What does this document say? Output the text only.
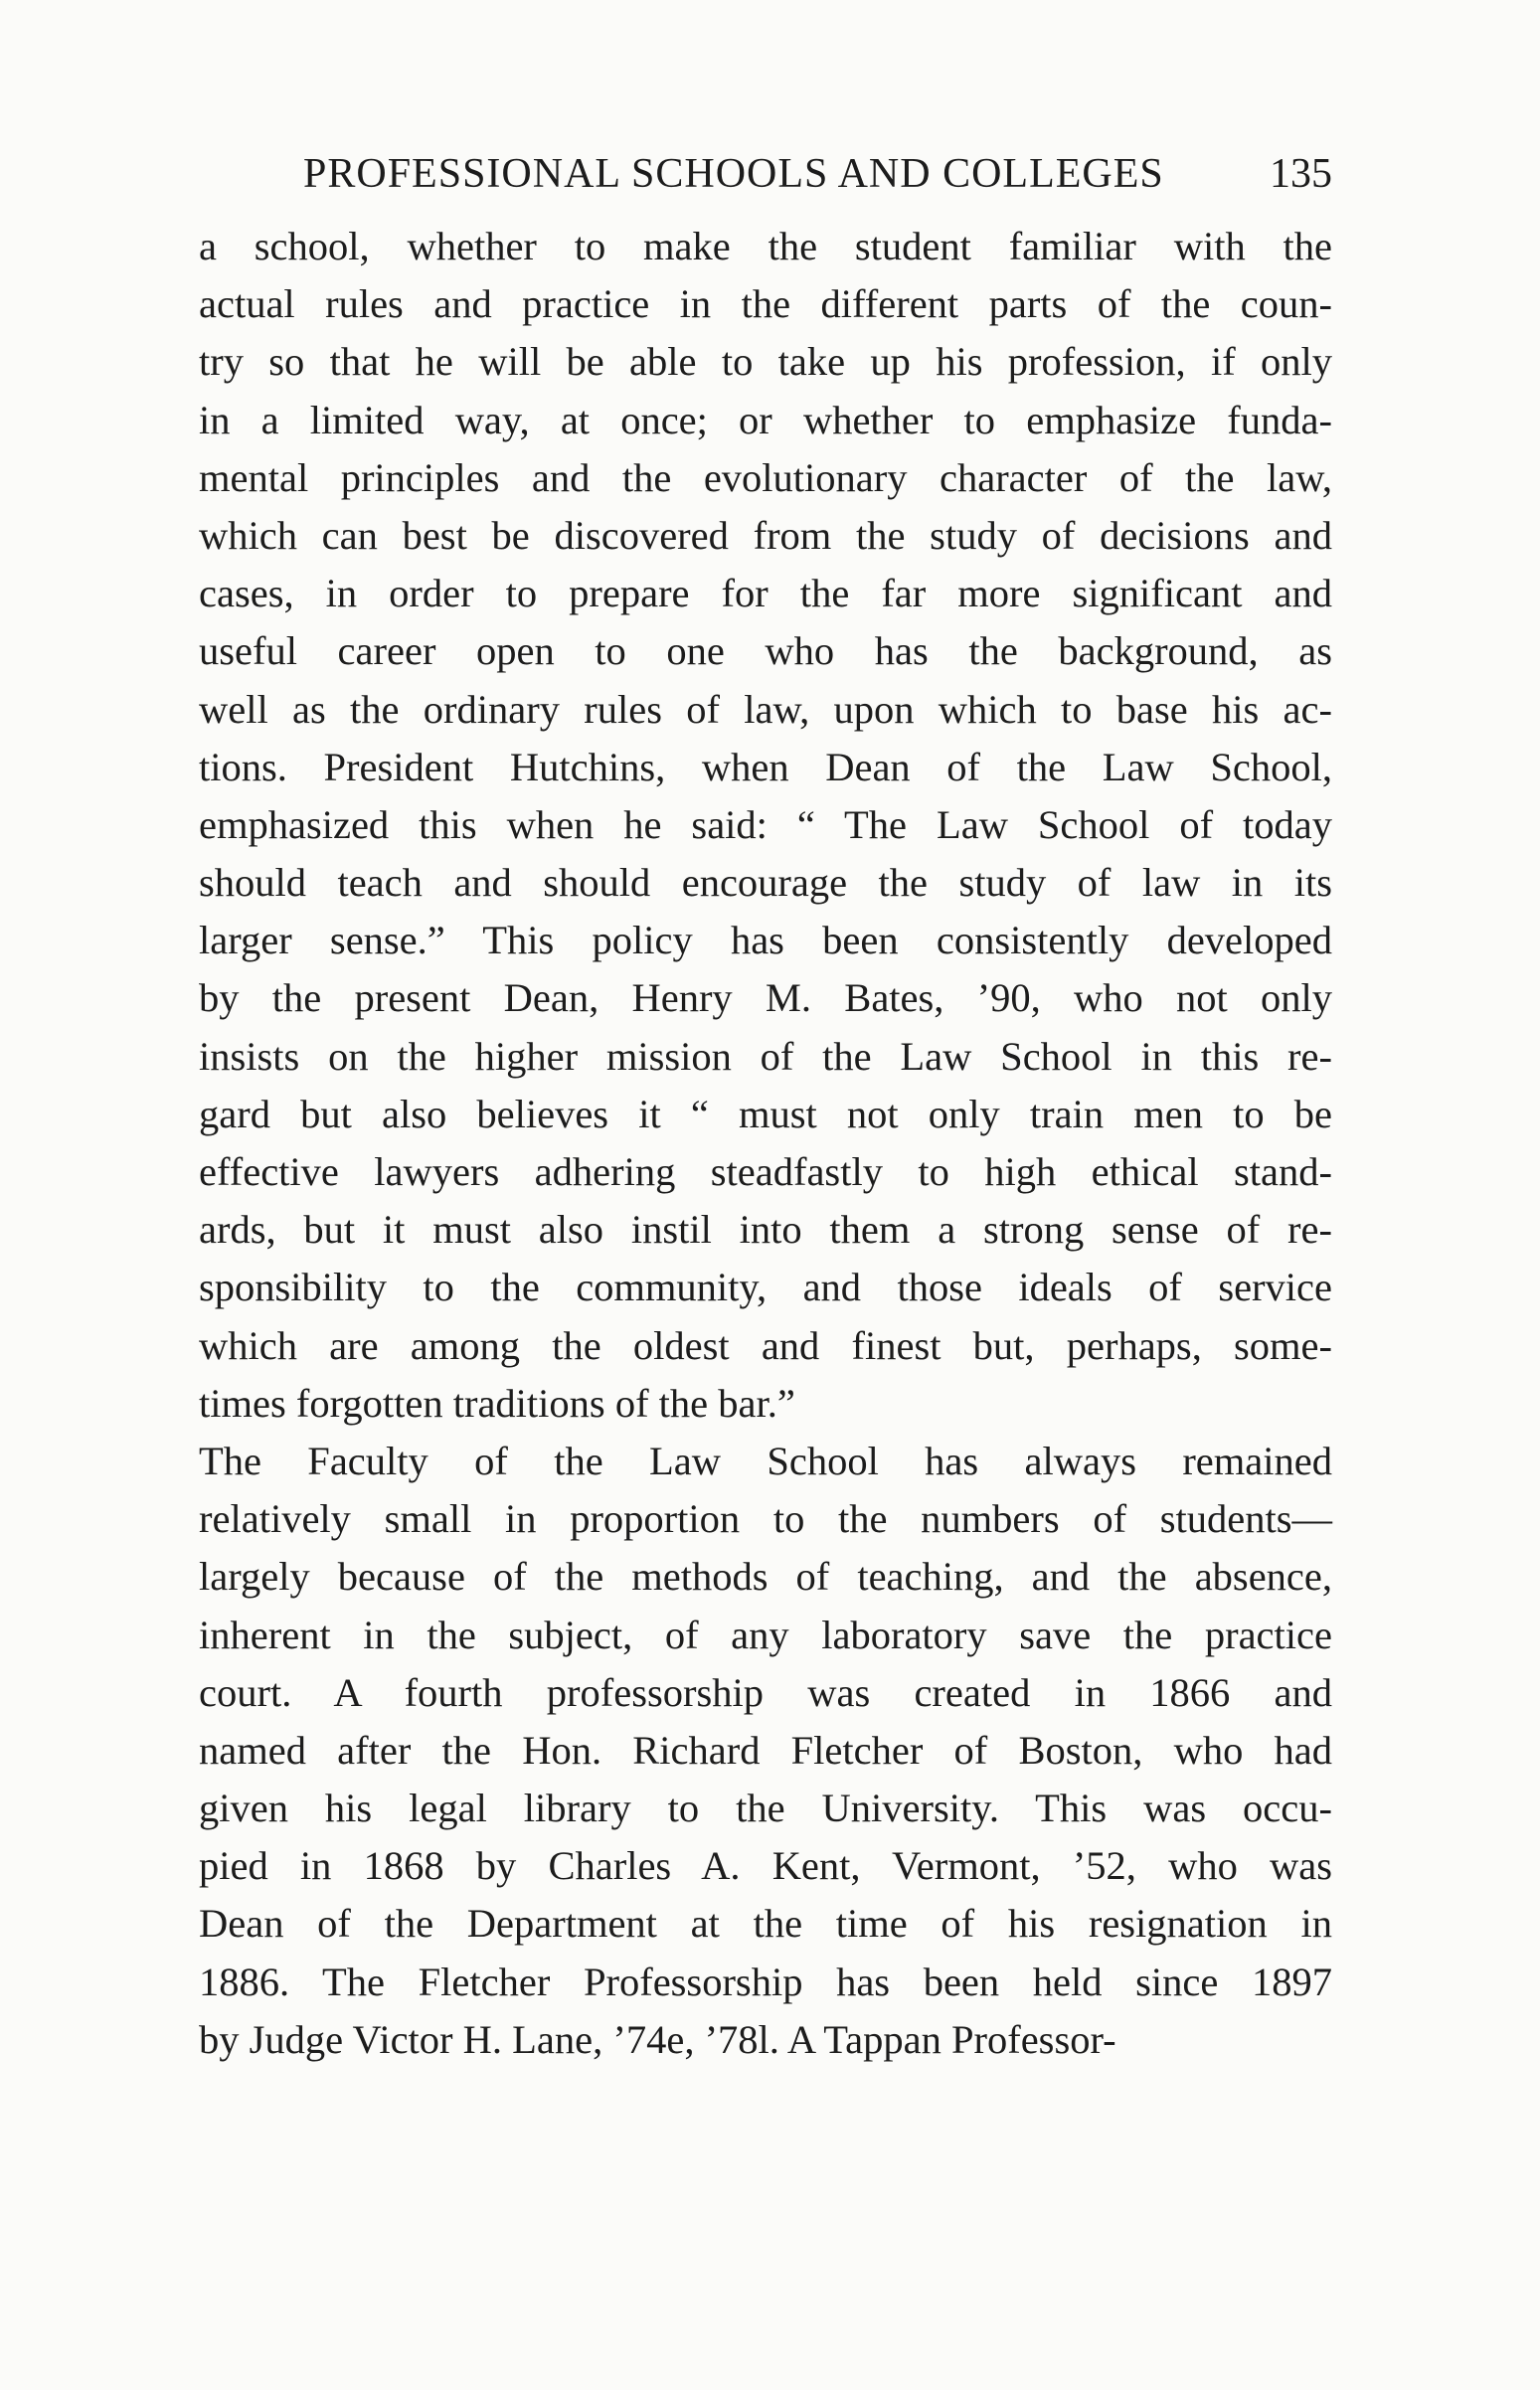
PROFESSIONAL SCHOOLS AND COLLEGES	135
a school, whether to make the student familiar with the
actual rules and practice in the different parts of the coun-
try so that he will be able to take up his profession, if only
in a limited way, at once; or whether to emphasize funda-
mental principles and the evolutionary character of the law,
which can best be discovered from the study of decisions and
cases, in order to prepare for the far more significant and
useful career open to one who has the background, as
well as the ordinary rules of law, upon which to base his ac-
tions. President Hutchins, when Dean of the Law School,
emphasized this when he said: “ The Law School of today
should teach and should encourage the study of law in its
larger sense.” This policy has been consistently developed
by the present Dean, Henry M. Bates, ’90, who not only
insists on the higher mission of the Law School in this re-
gard but also believes it “ must not only train men to be
effective lawyers adhering steadfastly to high ethical stand-
ards, but it must also instil into them a strong sense of re-
sponsibility to the community, and those ideals of service
which are among the oldest and finest but, perhaps, some-
times forgotten traditions of the bar.”
The Faculty of the Law School has always remained
relatively small in proportion to the numbers of students—
largely because of the methods of teaching, and the absence,
inherent in the subject, of any laboratory save the practice
court. A fourth professorship was created in 1866 and
named after the Hon. Richard Fletcher of Boston, who had
given his legal library to the University. This was occu-
pied in 1868 by Charles A. Kent, Vermont, ’52, who was
Dean of the Department at the time of his resignation in
1886. The Fletcher Professorship has been held since 1897
by Judge Victor H. Lane, ’74e, ’78l. A Tappan Professor-
